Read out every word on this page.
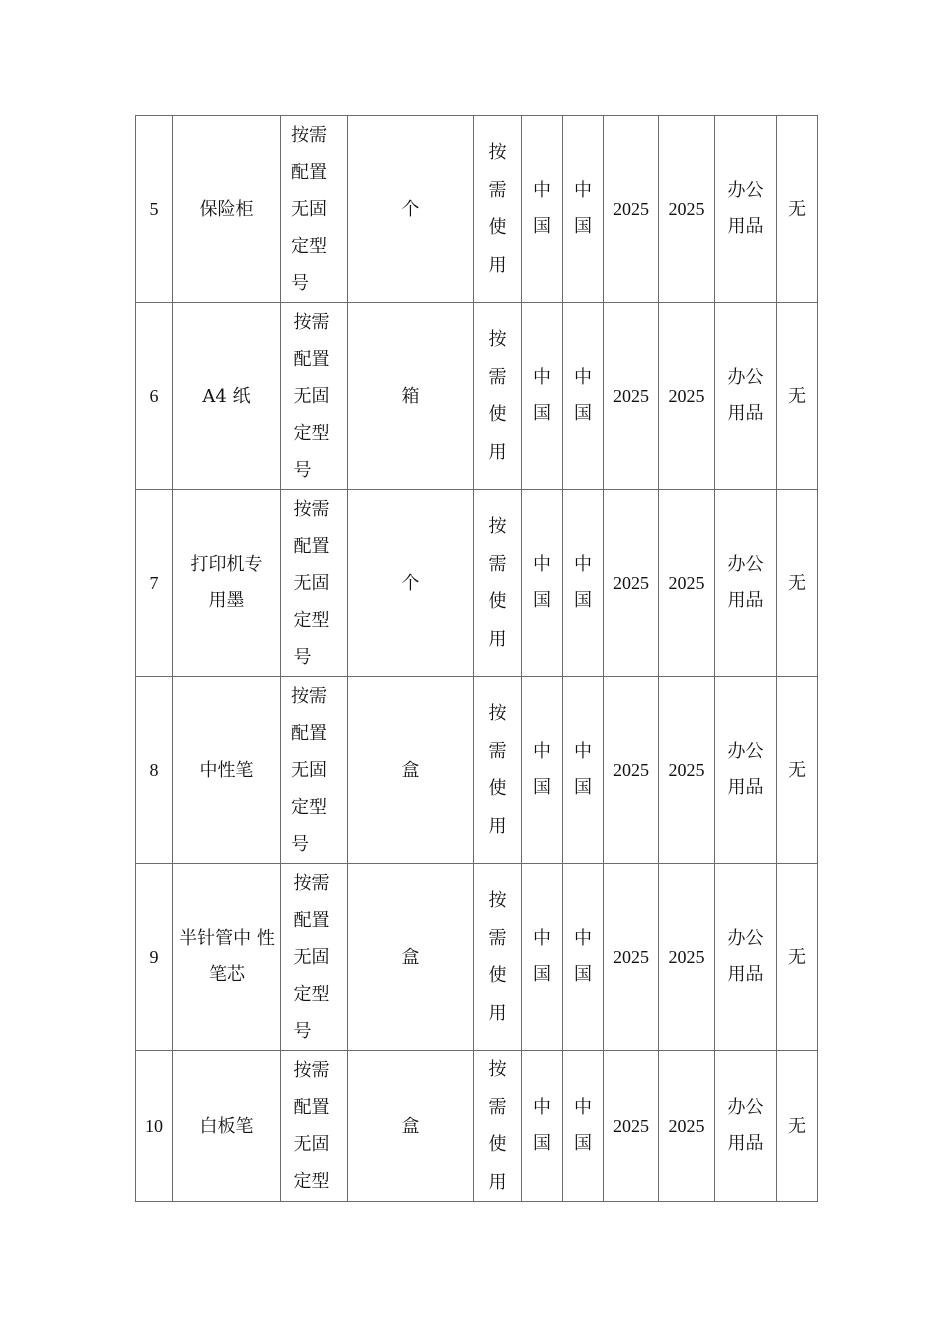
5	保险柜	按需配置无固定型号	个	按需使用	中国	中国	2025	2025	办公用品	无
6	A4 纸	按需配置无固定型号	箱	按需使用	中国	中国	2025	2025	办公用品	无
7	打印机专用墨	按需配置无固定型号	个	按需使用	中国	中国	2025	2025	办公用品	无
8	中性笔	按需配置无固定型号	盒	按需使用	中国	中国	2025	2025	办公用品	无
9	半针管中 性笔芯	按需配置无固定型号	盒	按需使用	中国	中国	2025	2025	办公用品	无
10	白板笔	按需配置无固定型	盒	按需使用	中国	中国	2025	2025	办公用品	无
